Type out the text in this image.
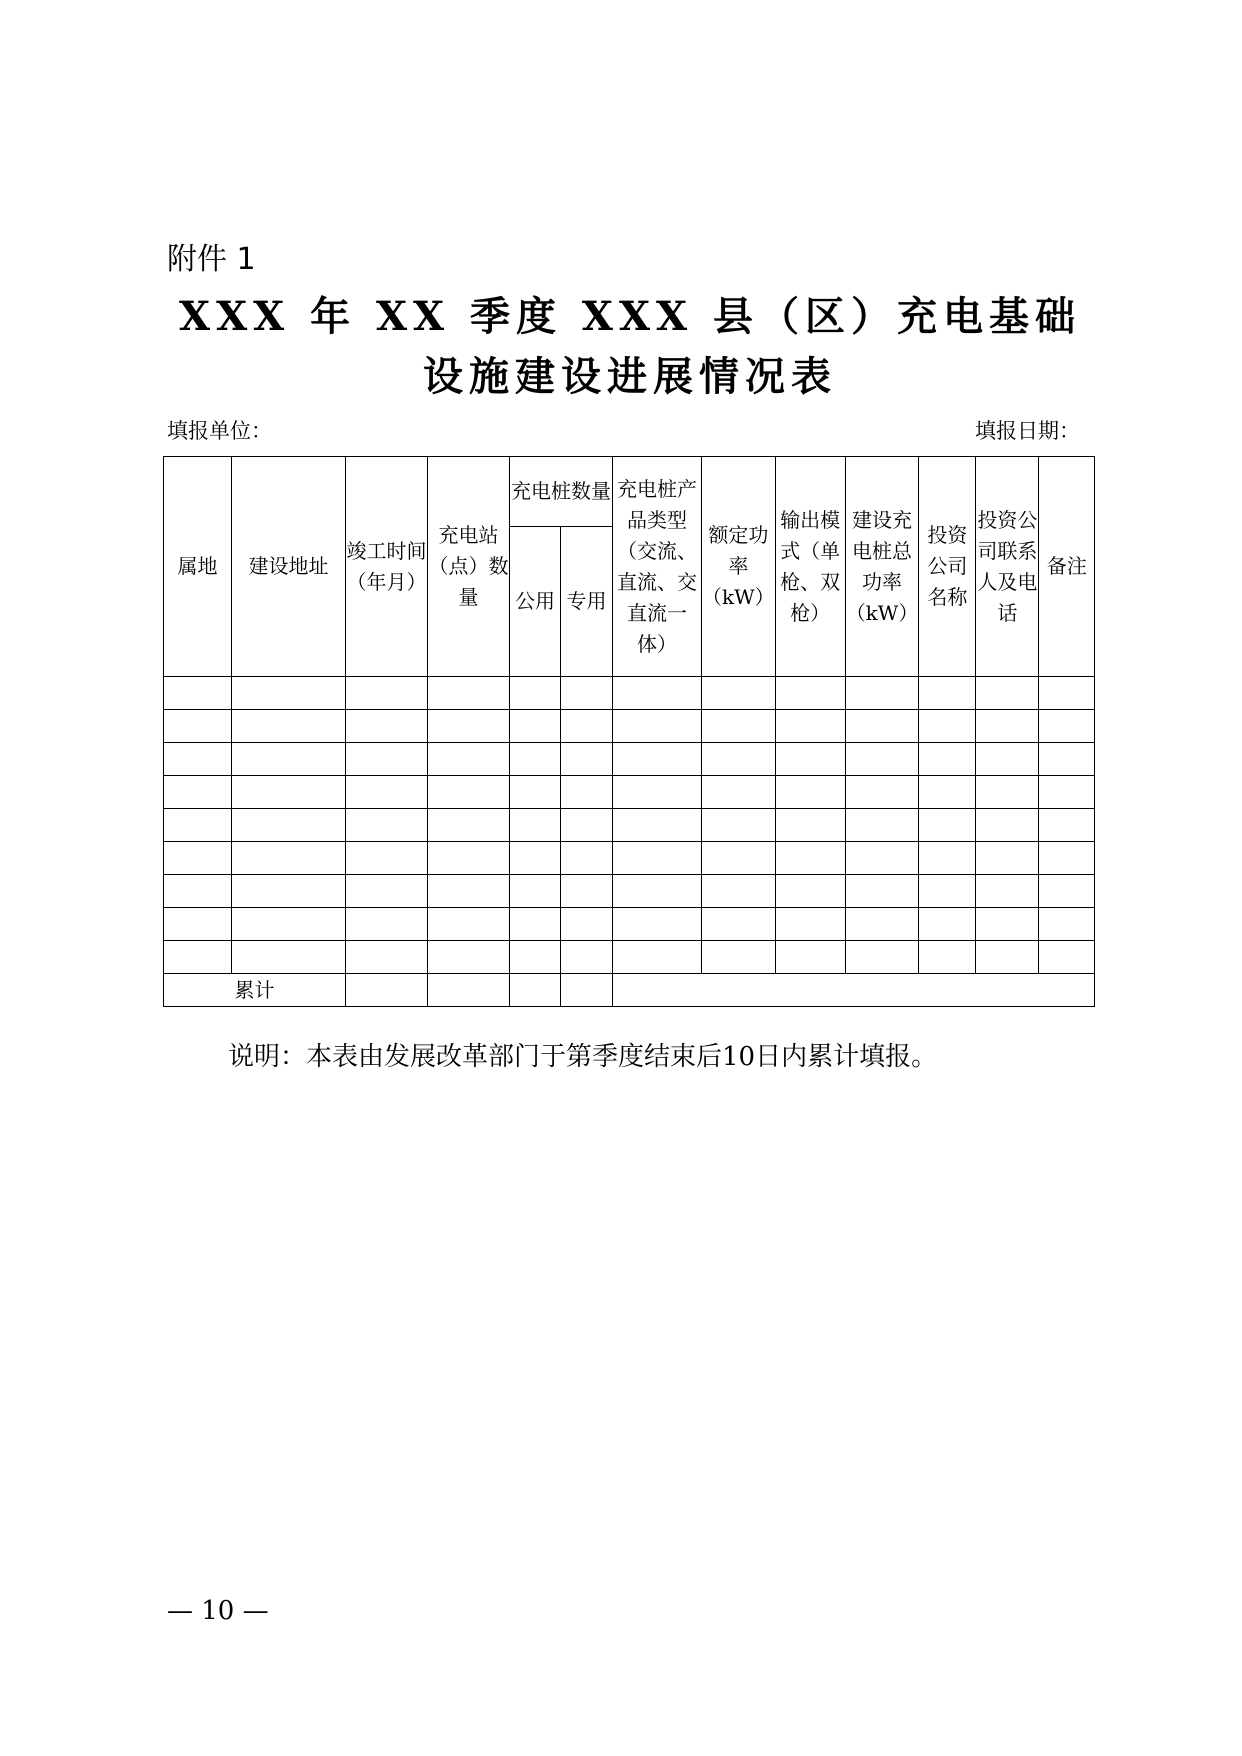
附件 1
XXX 年 XX 季度 XXX 县（区）充电基础
设施建设进展情况表
填报单位：	填报日期：
属地	建设地址	竣工时间（年月）	充电站（点）数量	充电桩数量		充电桩产品类型（交流、直流、交直流一体）	额定功率（kW）	输出模式（单枪、双枪）	建设充电桩总功率（kW）	投资公司名称	投资公司联系人及电话	备注
				公用	专用							

累计												
说明：本表由发展改革部门于第季度结束后10日内累计填报。
— 10 —
